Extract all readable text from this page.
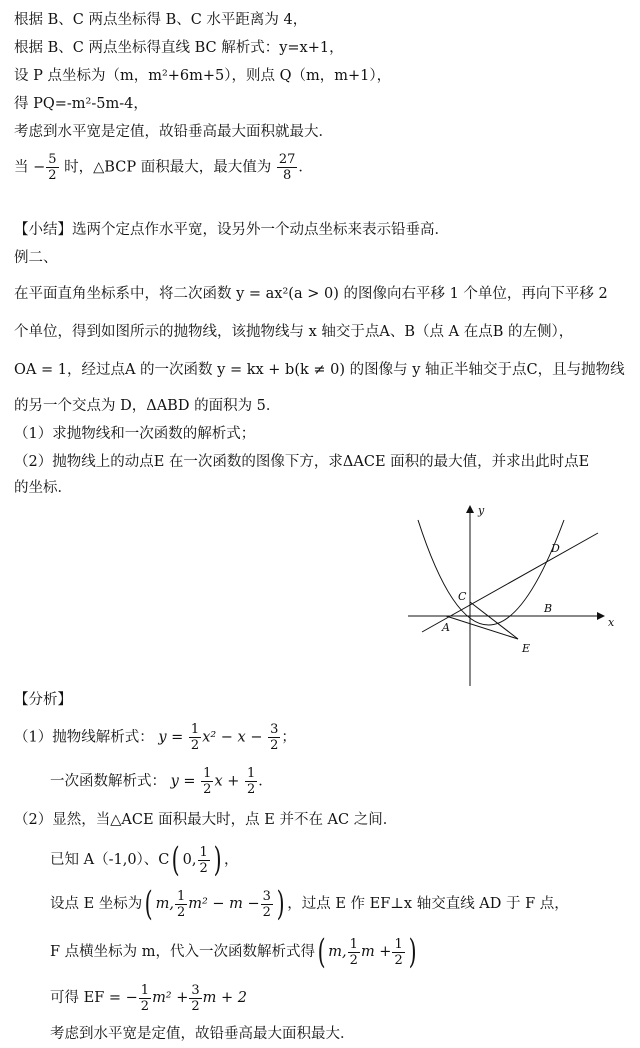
根据 B、C 两点坐标得 B、C 水平距离为 4，
根据 B、C 两点坐标得直线 BC 解析式：y=x+1，
设 P 点坐标为（m，m²+6m+5），则点 Q（m，m+1），
得 PQ=-m²-5m-4，
考虑到水平宽是定值，故铅垂高最大面积就最大．
当 − $\frac{5}{2}$ 时，△BCP 面积最大，最大值为 $\frac{27}{8}$ ．
【小结】选两个定点作水平宽，设另外一个动点坐标来表示铅垂高．
例二、
在平面直角坐标系中，将二次函数 y = ax²(a > 0) 的图像向右平移 1 个单位，再向下平移 2
个单位，得到如图所示的抛物线，该抛物线与 x 轴交于点A、B（点 A 在点B 的左侧），
OA = 1，经过点A 的一次函数 y = kx + b(k ≠ 0) 的图像与 y 轴正半轴交于点C，且与抛物线
的另一个交点为 D，ΔABD 的面积为 5．
（1）求抛物线和一次函数的解析式；
（2）抛物线上的动点E 在一次函数的图像下方，求ΔACE 面积的最大值，并求出此时点E
的坐标．
x
y
C
D
B
A
E
【分析】
（1）抛物线解析式： $y = \frac{1}{2} x^2 - x - \frac{3}{2}$ ；
一次函数解析式： $y = \frac{1}{2}$ $x + \frac{1}{2}$ ．
（2）显然，当△ACE 面积最大时，点 E 并不在 AC 之间．
已知 A（-1,0）、C ( 0, $\frac{1}{2}$ ) ，
设点 E 坐标为 ( m, $\frac{1}{2} m^2 - m - \frac{3}{2}$ ) ，过点 E 作 EF⊥x 轴交直线 AD 于 F 点，
F 点横坐标为 m，代入一次函数解析式得 ( m, $\frac{1}{2}$ $m + \frac{1}{2}$ )
可得 EF = − $\frac{1}{2} m^2 + \frac{3}{2}$ m + 2
考虑到水平宽是定值，故铅垂高最大面积最大．
